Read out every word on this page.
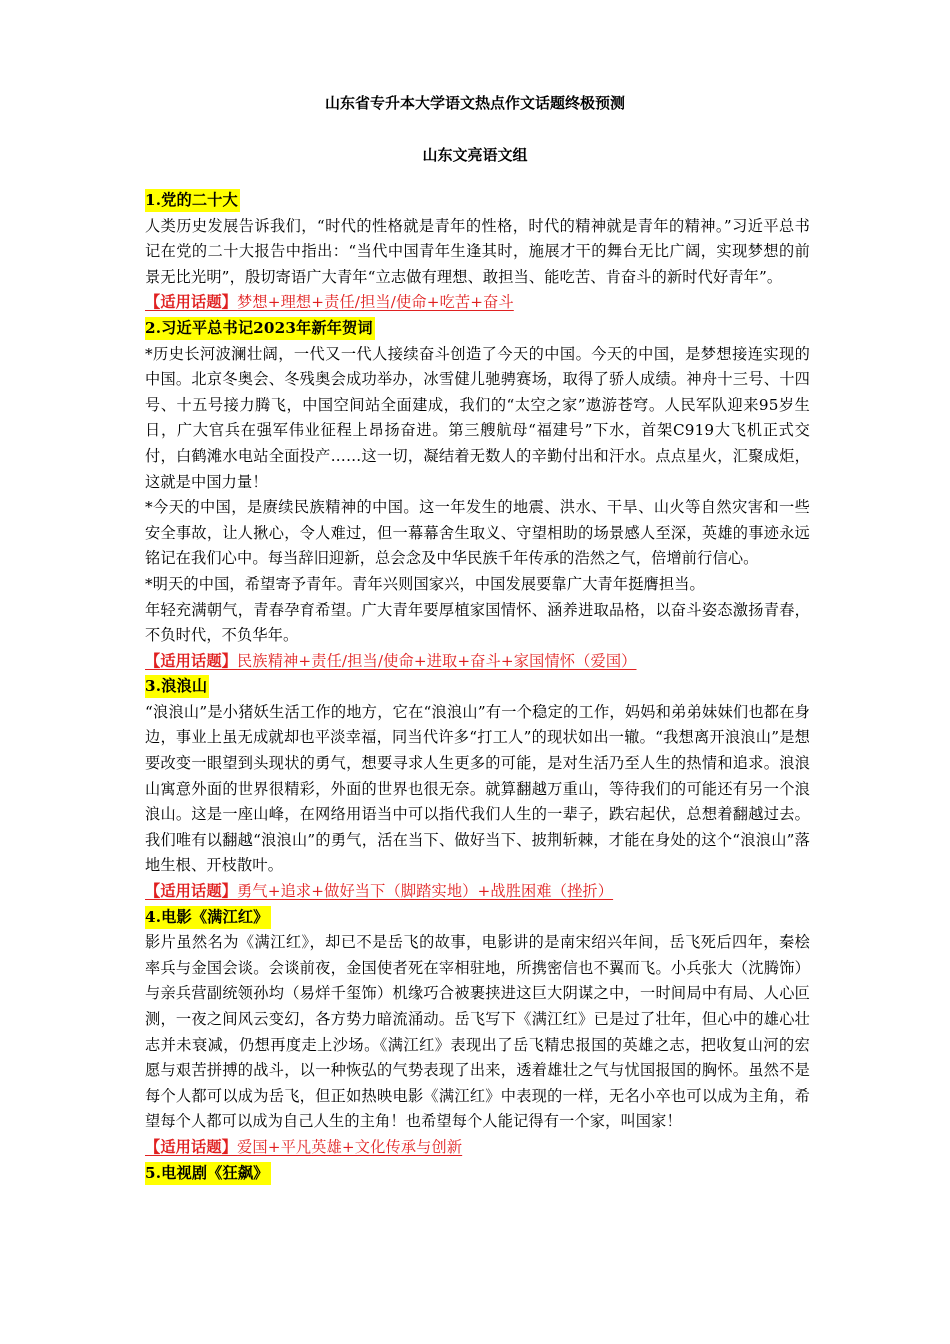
山东省专升本大学语文热点作文话题终极预测
山东文亮语文组
1.党的二十大

人类历史发展告诉我们，“时代的性格就是青年的性格，时代的精神就是青年的精神。”习近平总书记在党的二十大报告中指出：“当代中国青年生逢其时，施展才干的舞台无比广阔，实现梦想的前景无比光明”，殷切寄语广大青年“立志做有理想、敢担当、能吃苦、肯奋斗的新时代好青年”。

【适用话题】梦想+理想+责任/担当/使命+吃苦+奋斗

2.习近平总书记2023年新年贺词

*历史长河波澜壮阔，一代又一代人接续奋斗创造了今天的中国。今天的中国，是梦想接连实现的中国。北京冬奥会、冬残奥会成功举办，冰雪健儿驰骋赛场，取得了骄人成绩。神舟十三号、十四号、十五号接力腾飞，中国空间站全面建成，我们的“太空之家”遨游苍穹。人民军队迎来95岁生日，广大官兵在强军伟业征程上昂扬奋进。第三艘航母“福建号”下水，首架C919大飞机正式交付，白鹤滩水电站全面投产……这一切，凝结着无数人的辛勤付出和汗水。点点星火，汇聚成炬，这就是中国力量！

*今天的中国，是赓续民族精神的中国。这一年发生的地震、洪水、干旱、山火等自然灾害和一些安全事故，让人揪心，令人难过，但一幕幕舍生取义、守望相助的场景感人至深，英雄的事迹永远铭记在我们心中。每当辞旧迎新，总会念及中华民族千年传承的浩然之气，倍增前行信心。

*明天的中国，希望寄予青年。青年兴则国家兴，中国发展要靠广大青年挺膺担当。

年轻充满朝气，青春孕育希望。广大青年要厚植家国情怀、涵养进取品格，以奋斗姿态激扬青春，不负时代，不负华年。

【适用话题】民族精神+责任/担当/使命+进取+奋斗+家国情怀（爱国）

3.浪浪山

“浪浪山”是小猪妖生活工作的地方，它在“浪浪山”有一个稳定的工作，妈妈和弟弟妹妹们也都在身边，事业上虽无成就却也平淡幸福，同当代许多“打工人”的现状如出一辙。“我想离开浪浪山”是想要改变一眼望到头现状的勇气，想要寻求人生更多的可能，是对生活乃至人生的热情和追求。浪浪山寓意外面的世界很精彩，外面的世界也很无奈。就算翻越万重山，等待我们的可能还有另一个浪浪山。这是一座山峰，在网络用语当中可以指代我们人生的一辈子，跌宕起伏，总想着翻越过去。我们唯有以翻越“浪浪山”的勇气，活在当下、做好当下、披荆斩棘，才能在身处的这个“浪浪山”落地生根、开枝散叶。

【适用话题】勇气+追求+做好当下（脚踏实地）+战胜困难（挫折）

4.电影《满江红》

影片虽然名为《满江红》，却已不是岳飞的故事，电影讲的是南宋绍兴年间，岳飞死后四年，秦桧率兵与金国会谈。会谈前夜，金国使者死在宰相驻地，所携密信也不翼而飞。小兵张大（沈腾饰）与亲兵营副统领孙均（易烊千玺饰）机缘巧合被裹挟进这巨大阴谋之中，一时间局中有局、人心叵测，一夜之间风云变幻，各方势力暗流涌动。岳飞写下《满江红》已是过了壮年，但心中的雄心壮志并未衰减，仍想再度走上沙场。《满江红》表现出了岳飞精忠报国的英雄之志，把收复山河的宏愿与艰苦拼搏的战斗，以一种恢弘的气势表现了出来，透着雄壮之气与忧国报国的胸怀。虽然不是每个人都可以成为岳飞，但正如热映电影《满江红》中表现的一样，无名小卒也可以成为主角，希望每个人都可以成为自己人生的主角！也希望每个人能记得有一个家，叫国家！

【适用话题】爱国+平凡英雄+文化传承与创新

5.电视剧《狂飙》
